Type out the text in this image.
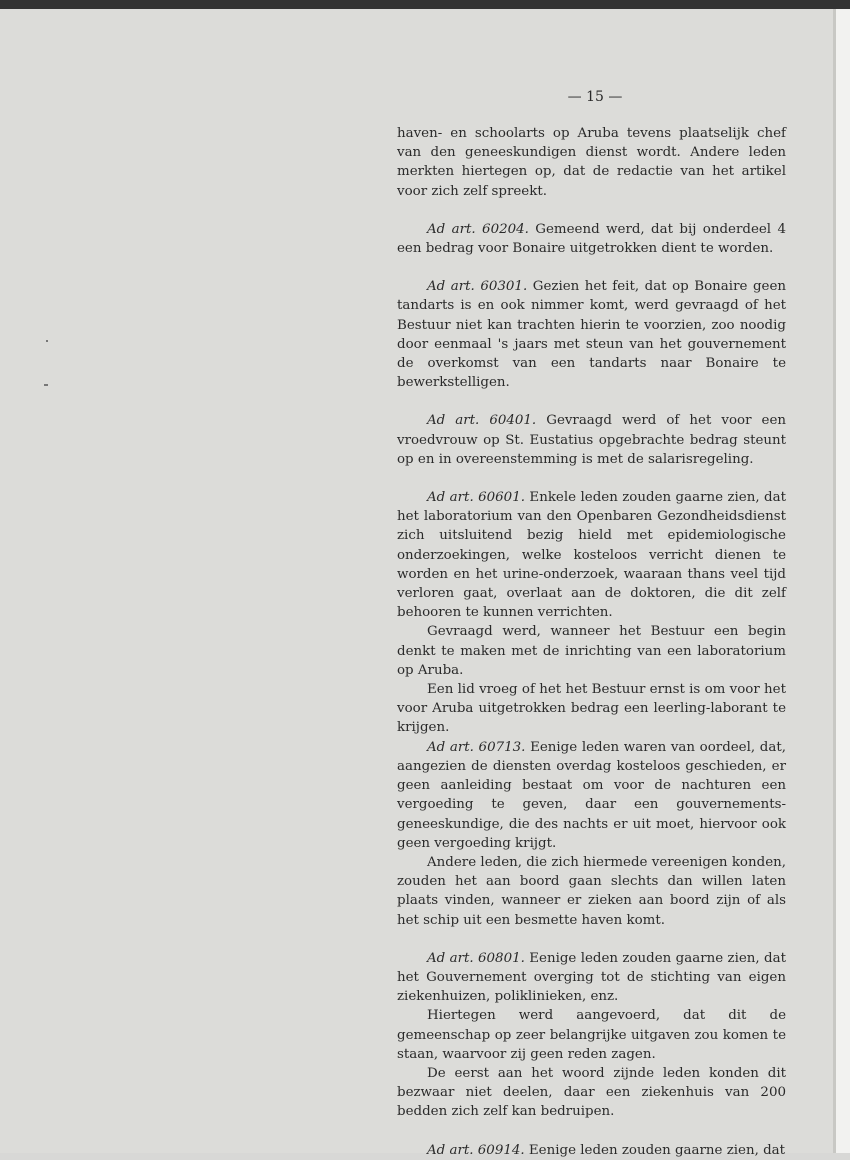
— 15 —

haven- en schoolarts op Aruba tevens plaatselijk chef van den geneeskundigen dienst wordt. Andere leden merkten hiertegen op, dat de redactie van het artikel voor zich zelf spreekt.

Ad art. 60204. Gemeend werd, dat bij onderdeel 4 een bedrag voor Bonaire uitgetrokken dient te worden.

Ad art. 60301. Gezien het feit, dat op Bonaire geen tandarts is en ook nimmer komt, werd gevraagd of het Bestuur niet kan trachten hierin te voorzien, zoo noodig door eenmaal 's jaars met steun van het gouvernement de overkomst van een tandarts naar Bonaire te bewerkstelligen.

Ad art. 60401. Gevraagd werd of het voor een vroedvrouw op St. Eustatius opgebrachte bedrag steunt op en in overeenstemming is met de salarisregeling.

Ad art. 60601. Enkele leden zouden gaarne zien, dat het laboratorium van den Openbaren Gezondheidsdienst zich uitsluitend bezig hield met epidemiologische onderzoekingen, welke kosteloos verricht dienen te worden en het urine-onderzoek, waaraan thans veel tijd verloren gaat, overlaat aan de doktoren, die dit zelf behooren te kunnen verrichten.

Gevraagd werd, wanneer het Bestuur een begin denkt te maken met de inrichting van een laboratorium op Aruba.

Een lid vroeg of het het Bestuur ernst is om voor het voor Aruba uitgetrokken bedrag een leerling-laborant te krijgen.

Ad art. 60713. Eenige leden waren van oordeel, dat, aangezien de diensten overdag kosteloos geschieden, er geen aanleiding bestaat om voor de nachturen een vergoeding te geven, daar een gouvernements-geneeskundige, die des nachts er uit moet, hiervoor ook geen vergoeding krijgt.

Andere leden, die zich hiermede vereenigen konden, zouden het aan boord gaan slechts dan willen laten plaats vinden, wanneer er zieken aan boord zijn of als het schip uit een besmette haven komt.

Ad art. 60801. Eenige leden zouden gaarne zien, dat het Gouvernement overging tot de stichting van eigen ziekenhuizen, poliklinieken, enz.

Hiertegen werd aangevoerd, dat dit de gemeenschap op zeer belangrijke uitgaven zou komen te staan, waarvoor zij geen reden zagen.

De eerst aan het woord zijnde leden konden dit bezwaar niet deelen, daar een ziekenhuis van 200 bedden zich zelf kan bedruipen.

Ad art. 60914. Eenige leden zouden gaarne zien, dat
